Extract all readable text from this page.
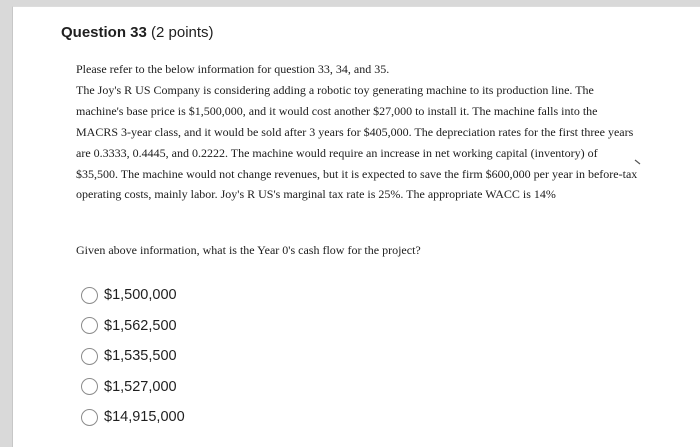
Question 33 (2 points)

Please refer to the below information for question 33, 34, and 35.

The Joy's R US Company is considering adding a robotic toy generating machine to its production line. The machine's base price is $1,500,000, and it would cost another $27,000 to install it. The machine falls into the MACRS 3-year class, and it would be sold after 3 years for $405,000. The depreciation rates for the first three years are 0.3333, 0.4445, and 0.2222. The machine would require an increase in net working capital (inventory) of $35,500. The machine would not change revenues, but it is expected to save the firm $600,000 per year in before-tax operating costs, mainly labor. Joy's R US's marginal tax rate is 25%. The appropriate WACC is 14%

Given above information, what is the Year 0's cash flow for the project?
$1,500,000
$1,562,500
$1,535,500
$1,527,000
$14,915,000
